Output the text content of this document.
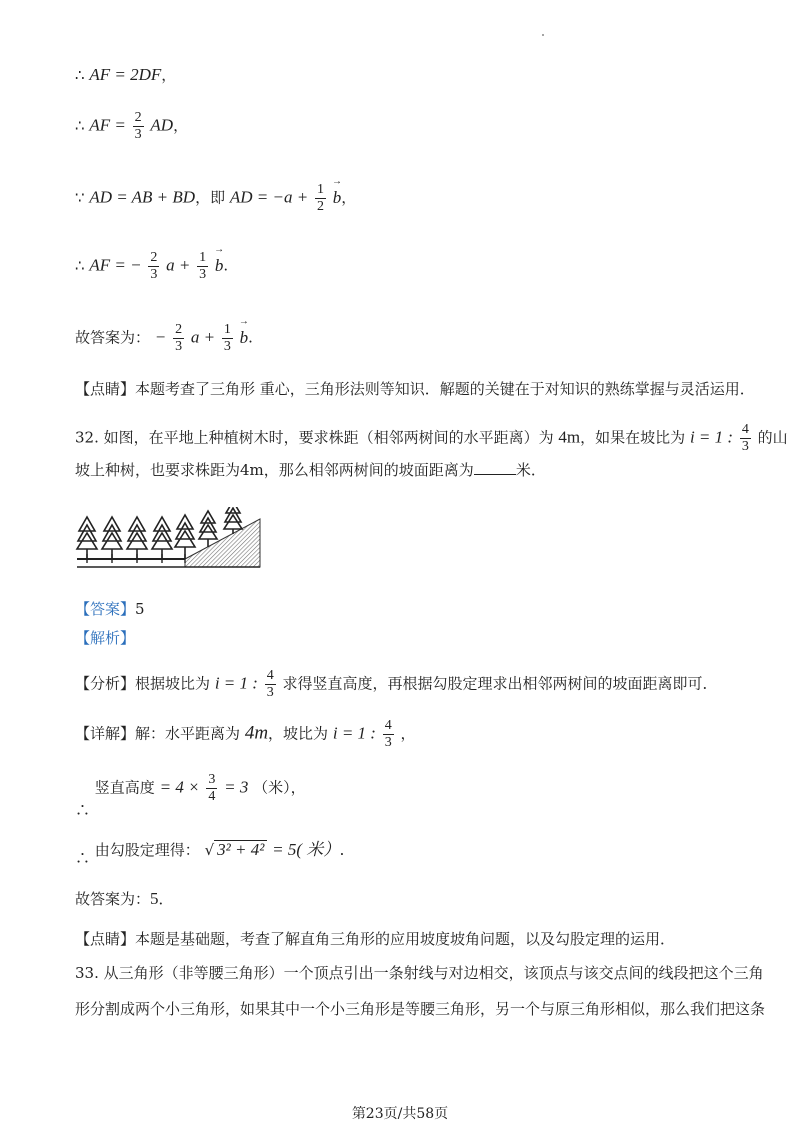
∴ AF = 2DF，
∴ AF = $\frac{2}{3}$ AD，
∵ AD = AB + BD，即 AD = $-a + \frac{1}{2}$
→ b，
∴ AF = − $\frac{2}{3}$ $a + \frac{1}{3}$
→ b.
故答案为： − $\frac{2}{3}$ $a + \frac{1}{3}$
→ b.
【点睛】本题考查了三角形 重心，三角形法则等知识．解题的关键在于对知识的熟练掌握与灵活运用．
32. 如图，在平地上种植树木时，要求株距（相邻两树间的水平距离）为 4m，如果在坡比为 i = 1 : $\frac{4}{3}$ 的山
坡上种树，也要求株距为4m，那么相邻两树间的坡面距离为	米．
【答案】5
【解析】
【分析】根据坡比为 i = 1 : $\frac{4}{3}$ 求得竖直高度，再根据勾股定理求出相邻两树间的坡面距离即可．
【详解】解：水平距离为 4m，坡比为 i = 1 : $\frac{4}{3}$ ，
∴ 竖直高度 = $4 \times \frac{3}{4} = 3$ （米），
∴ 由勾股定理得： √ 3² + 4² = 5( 米）.
故答案为：5．
【点睛】本题是基础题，考查了解直角三角形的应用坡度坡角问题，以及勾股定理的运用．
33. 从三角形（非等腰三角形）一个顶点引出一条射线与对边相交，该顶点与该交点间的线段把这个三角
形分割成两个小三角形，如果其中一个小三角形是等腰三角形，另一个与原三角形相似，那么我们把这条
第23页/共58页
